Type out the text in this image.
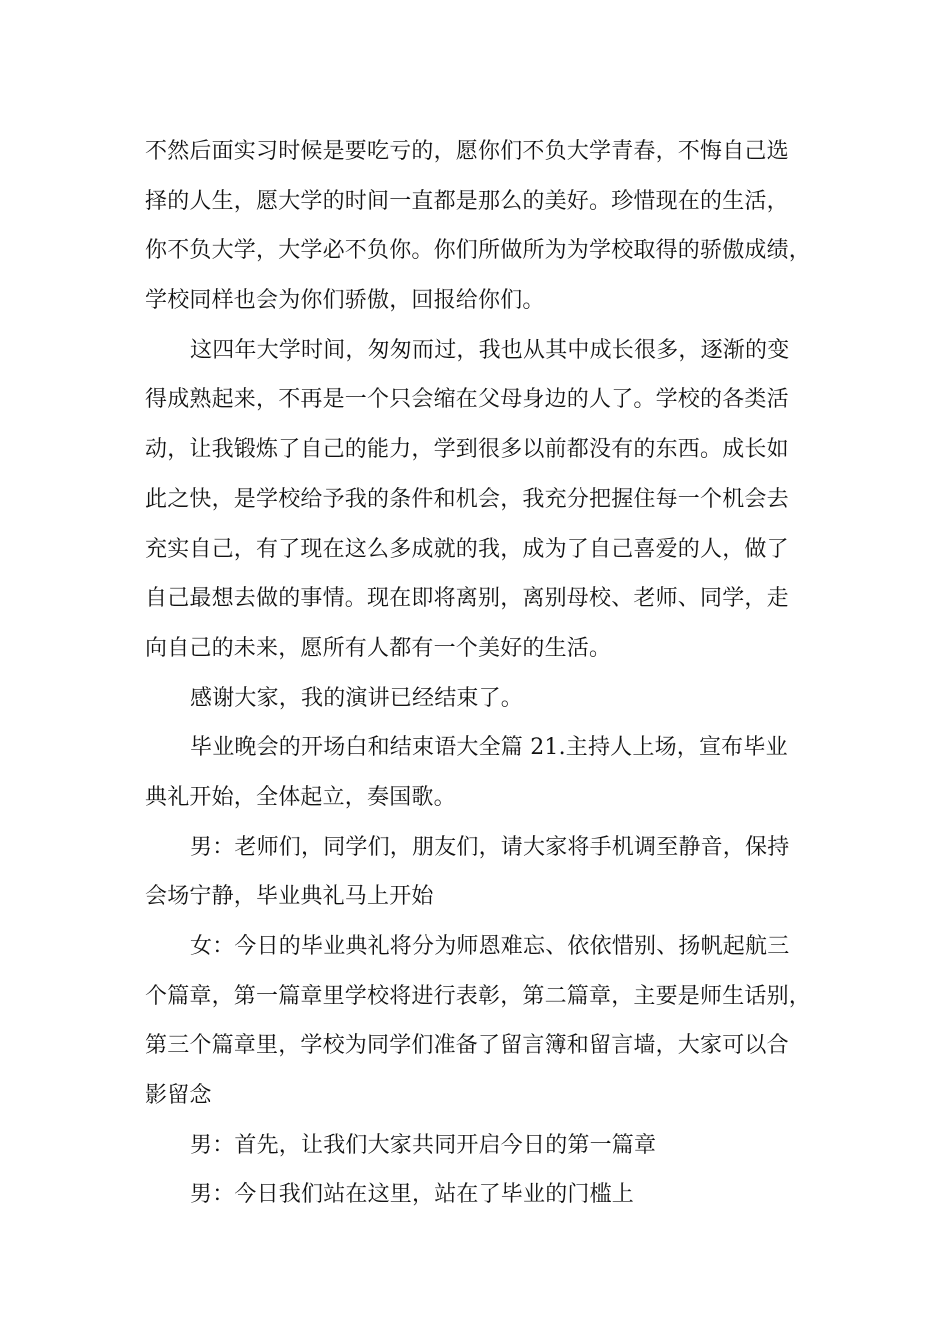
不然后面实习时候是要吃亏的，愿你们不负大学青春，不悔自己选
择的人生，愿大学的时间一直都是那么的美好。珍惜现在的生活，
你不负大学，大学必不负你。你们所做所为为学校取得的骄傲成绩，
学校同样也会为你们骄傲，回报给你们。
这四年大学时间，匆匆而过，我也从其中成长很多，逐渐的变
得成熟起来，不再是一个只会缩在父母身边的人了。学校的各类活
动，让我锻炼了自己的能力，学到很多以前都没有的东西。成长如
此之快，是学校给予我的条件和机会，我充分把握住每一个机会去
充实自己，有了现在这么多成就的我，成为了自己喜爱的人，做了
自己最想去做的事情。现在即将离别，离别母校、老师、同学，走
向自己的未来，愿所有人都有一个美好的生活。
感谢大家，我的演讲已经结束了。
毕业晚会的开场白和结束语大全篇 21.主持人上场，宣布毕业
典礼开始，全体起立，奏国歌。
男：老师们，同学们，朋友们，请大家将手机调至静音，保持
会场宁静，毕业典礼马上开始
女：今日的毕业典礼将分为师恩难忘、依依惜别、扬帆起航三
个篇章，第一篇章里学校将进行表彰，第二篇章，主要是师生话别，
第三个篇章里，学校为同学们准备了留言簿和留言墙，大家可以合
影留念
男：首先，让我们大家共同开启今日的第一篇章
男：今日我们站在这里，站在了毕业的门槛上
